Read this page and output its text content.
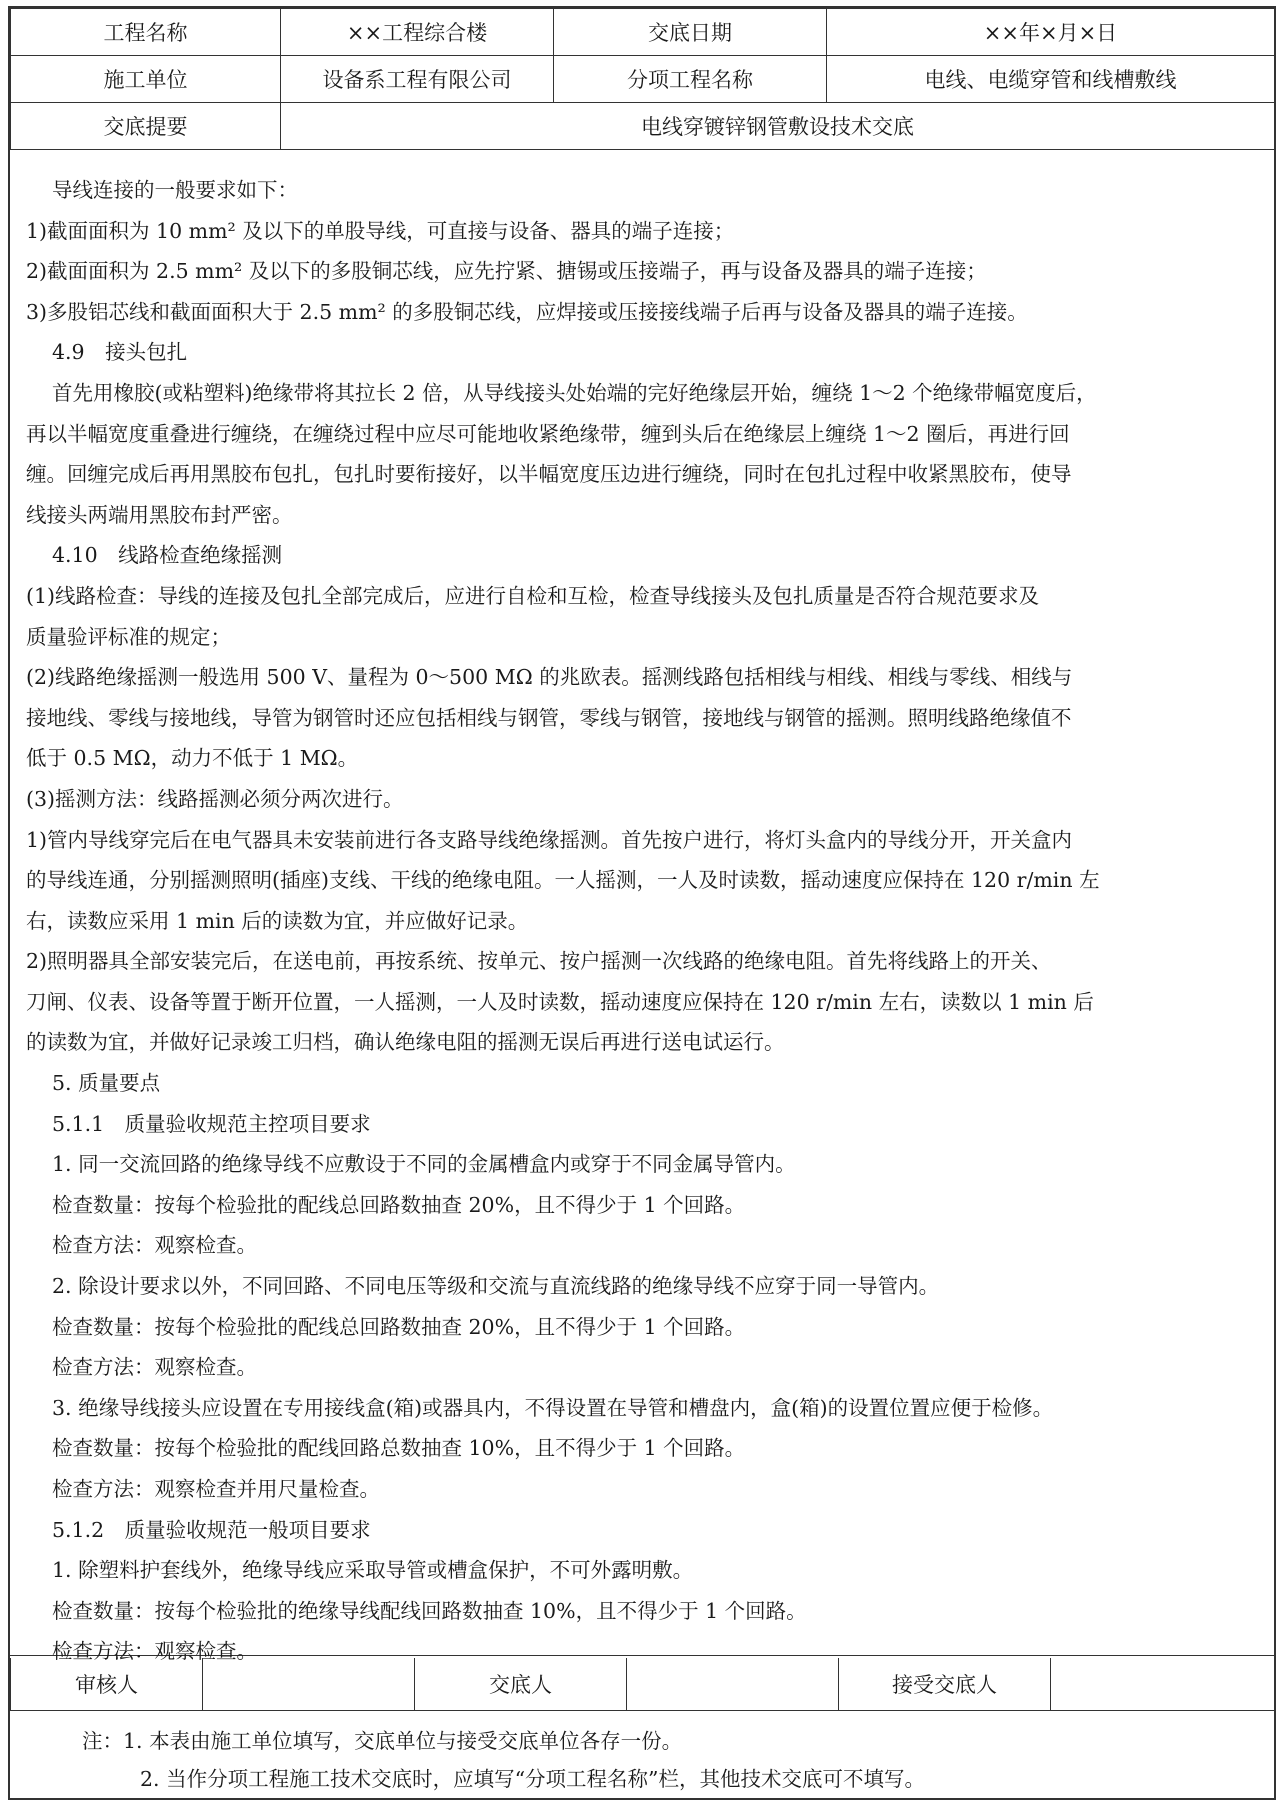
工程名称	××工程综合楼	交底日期	××年×月×日
施工单位	设备系工程有限公司	分项工程名称	电线、电缆穿管和线槽敷线
交底提要	电线穿镀锌钢管敷设技术交底		
导线连接的一般要求如下：
1)截面面积为 10 mm² 及以下的单股导线，可直接与设备、器具的端子连接；
2)截面面积为 2.5 mm² 及以下的多股铜芯线，应先拧紧、搪锡或压接端子，再与设备及器具的端子连接；
3)多股铝芯线和截面面积大于 2.5 mm² 的多股铜芯线，应焊接或压接接线端子后再与设备及器具的端子连接。
4.9　接头包扎
首先用橡胶(或粘塑料)绝缘带将其拉长 2 倍，从导线接头处始端的完好绝缘层开始，缠绕 1～2 个绝缘带幅宽度后，
再以半幅宽度重叠进行缠绕，在缠绕过程中应尽可能地收紧绝缘带，缠到头后在绝缘层上缠绕 1～2 圈后，再进行回
缠。回缠完成后再用黑胶布包扎，包扎时要衔接好，以半幅宽度压边进行缠绕，同时在包扎过程中收紧黑胶布，使导
线接头两端用黑胶布封严密。
4.10　线路检查绝缘摇测
(1)线路检查：导线的连接及包扎全部完成后，应进行自检和互检，检查导线接头及包扎质量是否符合规范要求及
质量验评标准的规定；
(2)线路绝缘摇测一般选用 500 V、量程为 0～500 MΩ 的兆欧表。摇测线路包括相线与相线、相线与零线、相线与
接地线、零线与接地线，导管为钢管时还应包括相线与钢管，零线与钢管，接地线与钢管的摇测。照明线路绝缘值不
低于 0.5 MΩ，动力不低于 1 MΩ。
(3)摇测方法：线路摇测必须分两次进行。
1)管内导线穿完后在电气器具未安装前进行各支路导线绝缘摇测。首先按户进行，将灯头盒内的导线分开，开关盒内
的导线连通，分别摇测照明(插座)支线、干线的绝缘电阻。一人摇测，一人及时读数，摇动速度应保持在 120 r/min 左
右，读数应采用 1 min 后的读数为宜，并应做好记录。
2)照明器具全部安装完后，在送电前，再按系统、按单元、按户摇测一次线路的绝缘电阻。首先将线路上的开关、
刀闸、仪表、设备等置于断开位置，一人摇测，一人及时读数，摇动速度应保持在 120 r/min 左右，读数以 1 min 后
的读数为宜，并做好记录竣工归档，确认绝缘电阻的摇测无误后再进行送电试运行。
5. 质量要点
5.1.1　质量验收规范主控项目要求
1. 同一交流回路的绝缘导线不应敷设于不同的金属槽盒内或穿于不同金属导管内。
检查数量：按每个检验批的配线总回路数抽查 20%，且不得少于 1 个回路。
检查方法：观察检查。
2. 除设计要求以外，不同回路、不同电压等级和交流与直流线路的绝缘导线不应穿于同一导管内。
检查数量：按每个检验批的配线总回路数抽查 20%，且不得少于 1 个回路。
检查方法：观察检查。
3. 绝缘导线接头应设置在专用接线盒(箱)或器具内，不得设置在导管和槽盘内，盒(箱)的设置位置应便于检修。
检查数量：按每个检验批的配线回路总数抽查 10%，且不得少于 1 个回路。
检查方法：观察检查并用尺量检查。
5.1.2　质量验收规范一般项目要求
1. 除塑料护套线外，绝缘导线应采取导管或槽盒保护，不可外露明敷。
检查数量：按每个检验批的绝缘导线配线回路数抽查 10%，且不得少于 1 个回路。
检查方法：观察检查。
审核人		交底人		接受交底人	
注：1. 本表由施工单位填写，交底单位与接受交底单位各存一份。
2. 当作分项工程施工技术交底时，应填写“分项工程名称”栏，其他技术交底可不填写。
